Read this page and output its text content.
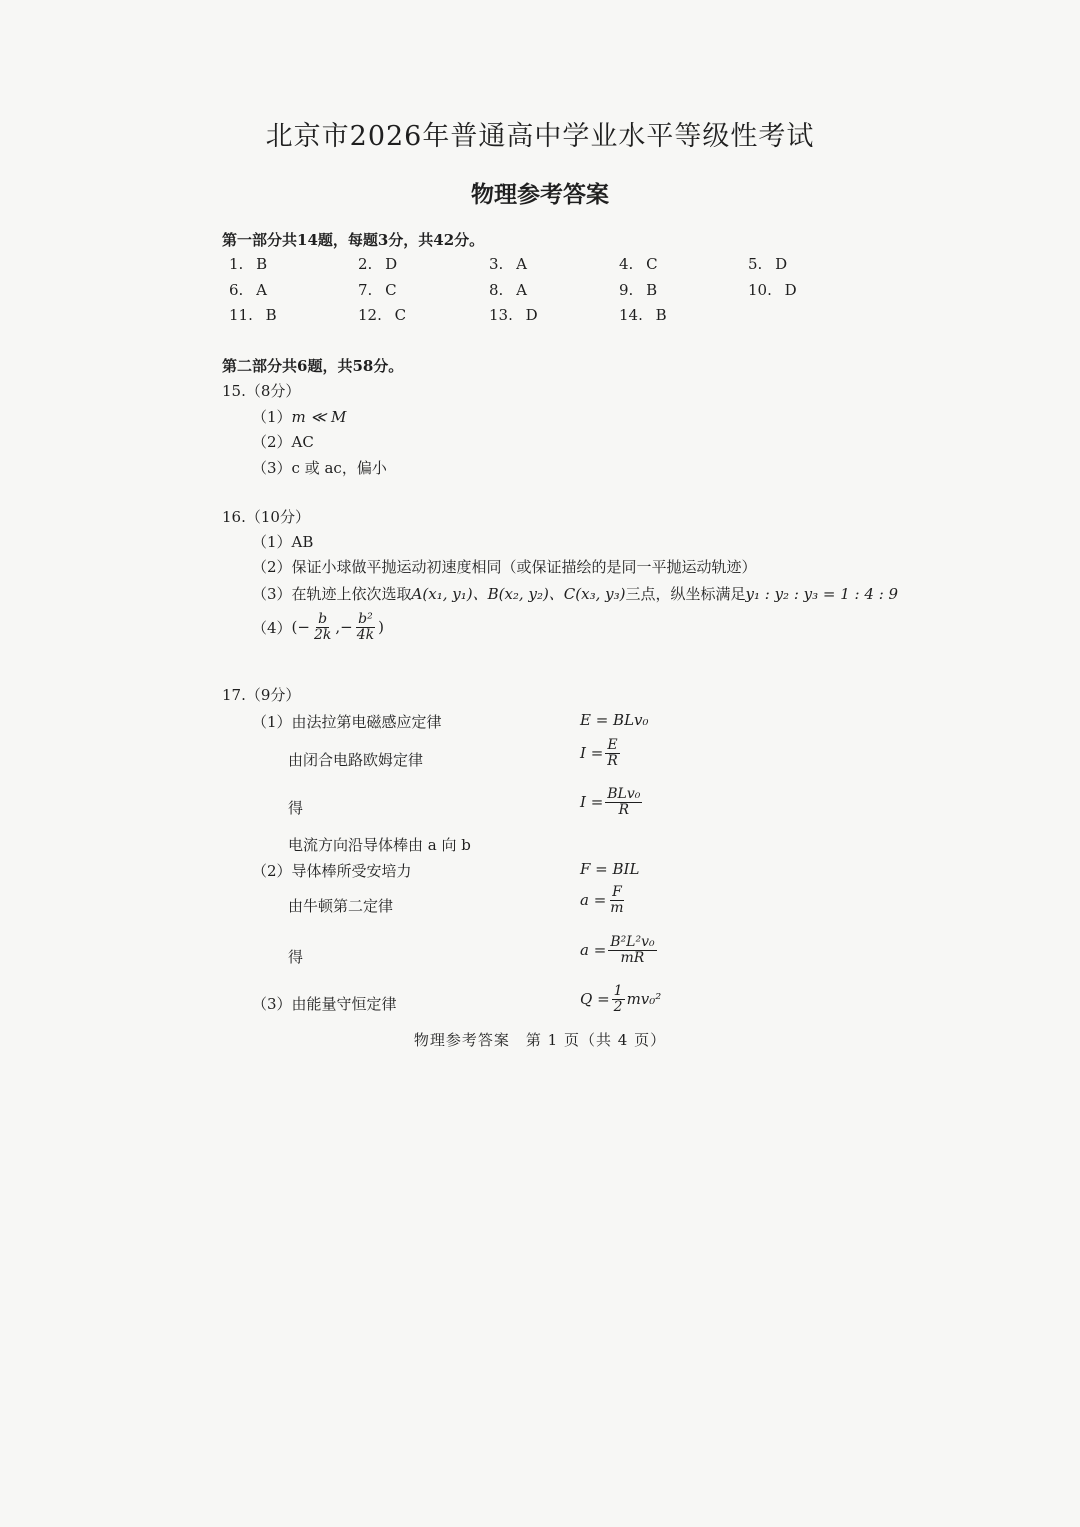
北京市2026年普通高中学业水平等级性考试
物理参考答案
第一部分共14题，每题3分，共42分。
1. B	2. D	3. A	4. C	5. D
6. A	7. C	8. A	9. B	10. D
11. B	12. C	13. D	14. B
第二部分共6题，共58分。
15.（8分）
（1）m ≪ M
（2）AC
（3）c 或 ac，偏小
16.（10分）
（1）AB
（2）保证小球做平抛运动初速度相同（或保证描绘的是同一平抛运动轨迹）
（3）在轨迹上依次选取A(x₁, y₁)、B(x₂, y₂)、C(x₃, y₃)三点，纵坐标满足y₁ : y₂ : y₃ = 1 : 4 : 9
（4） (− $\frac{b}{2k}$ ,− $\frac{\text{b²}}{4k}$ )
17.（9分）
（1）由法拉第电磁感应定律	E = BLv₀
由闭合电路欧姆定律	$I = \frac{E}{R}$
得	$I = \frac{\text{BLv₀}}{R}$
电流方向沿导体棒由 a 向 b
（2）导体棒所受安培力	F = BIL
由牛顿第二定律	$a = \frac{F}{m}$
得	$a = \frac{\text{B²L²v₀}}{mR}$
（3）由能量守恒定律	$Q = \frac{1}{2} mv_0^2$
物理参考答案　第 1 页（共 4 页）
